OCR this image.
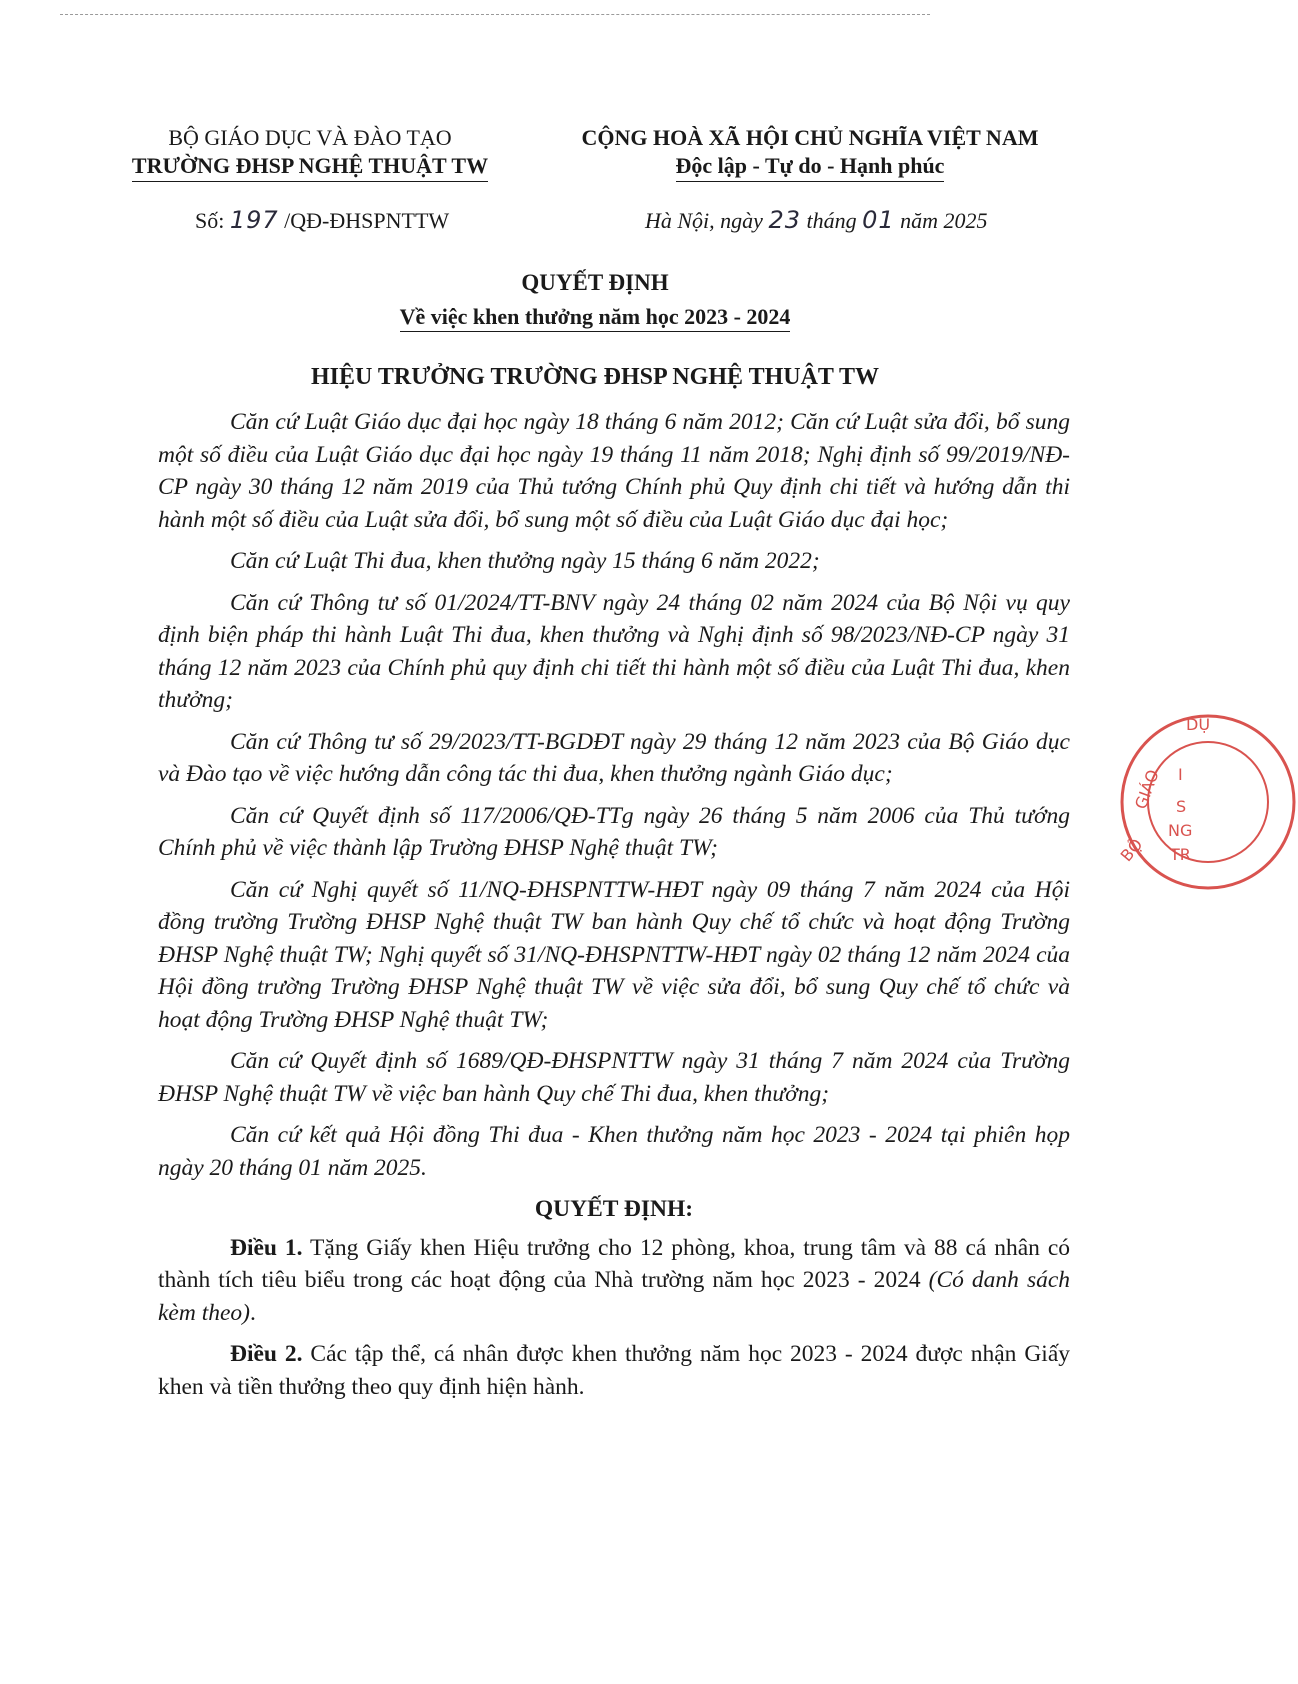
BỘ GIÁO DỤC VÀ ĐÀO TẠO
TRƯỜNG ĐHSP NGHỆ THUẬT TW
CỘNG HOÀ XÃ HỘI CHỦ NGHĨA VIỆT NAM
Độc lập - Tự do - Hạnh phúc
Số: 197 /QĐ-ĐHSPNTTW	Hà Nội, ngày 23 tháng 01 năm 2025
QUYẾT ĐỊNH
Về việc khen thưởng năm học 2023 - 2024
HIỆU TRƯỞNG TRƯỜNG ĐHSP NGHỆ THUẬT TW

Căn cứ Luật Giáo dục đại học ngày 18 tháng 6 năm 2012; Căn cứ Luật sửa đổi, bổ sung một số điều của Luật Giáo dục đại học ngày 19 tháng 11 năm 2018; Nghị định số 99/2019/NĐ-CP ngày 30 tháng 12 năm 2019 của Thủ tướng Chính phủ Quy định chi tiết và hướng dẫn thi hành một số điều của Luật sửa đổi, bổ sung một số điều của Luật Giáo dục đại học;

Căn cứ Luật Thi đua, khen thưởng ngày 15 tháng 6 năm 2022;

Căn cứ Thông tư số 01/2024/TT-BNV ngày 24 tháng 02 năm 2024 của Bộ Nội vụ quy định biện pháp thi hành Luật Thi đua, khen thưởng và Nghị định số 98/2023/NĐ-CP ngày 31 tháng 12 năm 2023 của Chính phủ quy định chi tiết thi hành một số điều của Luật Thi đua, khen thưởng;

Căn cứ Thông tư số 29/2023/TT-BGDĐT ngày 29 tháng 12 năm 2023 của Bộ Giáo dục và Đào tạo về việc hướng dẫn công tác thi đua, khen thưởng ngành Giáo dục;

Căn cứ Quyết định số 117/2006/QĐ-TTg ngày 26 tháng 5 năm 2006 của Thủ tướng Chính phủ về việc thành lập Trường ĐHSP Nghệ thuật TW;

Căn cứ Nghị quyết số 11/NQ-ĐHSPNTTW-HĐT ngày 09 tháng 7 năm 2024 của Hội đồng trường Trường ĐHSP Nghệ thuật TW ban hành Quy chế tổ chức và hoạt động Trường ĐHSP Nghệ thuật TW; Nghị quyết số 31/NQ-ĐHSPNTTW-HĐT ngày 02 tháng 12 năm 2024 của Hội đồng trường Trường ĐHSP Nghệ thuật TW về việc sửa đổi, bổ sung Quy chế tổ chức và hoạt động Trường ĐHSP Nghệ thuật TW;

Căn cứ Quyết định số 1689/QĐ-ĐHSPNTTW ngày 31 tháng 7 năm 2024 của Trường ĐHSP Nghệ thuật TW về việc ban hành Quy chế Thi đua, khen thưởng;

Căn cứ kết quả Hội đồng Thi đua - Khen thưởng năm học 2023 - 2024 tại phiên họp ngày 20 tháng 01 năm 2025.

QUYẾT ĐỊNH:

Điều 1. Tặng Giấy khen Hiệu trưởng cho 12 phòng, khoa, trung tâm và 88 cá nhân có thành tích tiêu biểu trong các hoạt động của Nhà trường năm học 2023 - 2024 (Có danh sách kèm theo).

Điều 2. Các tập thể, cá nhân được khen thưởng năm học 2023 - 2024 được nhận Giấy khen và tiền thưởng theo quy định hiện hành.

GIÁO
DỤ
BỘ
I
S
NG
TR
